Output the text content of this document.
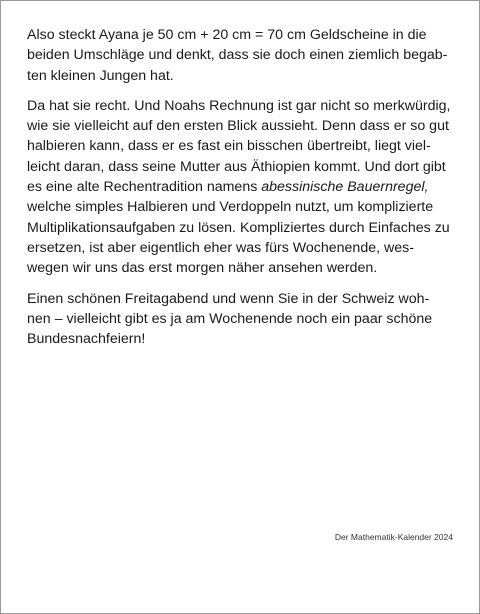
Also steckt Ayana je 50 cm + 20 cm = 70 cm Geldscheine in die
beiden Umschläge und denkt, dass sie doch einen ziemlich begab-
ten kleinen Jungen hat.

Da hat sie recht. Und Noahs Rechnung ist gar nicht so merkwürdig,
wie sie vielleicht auf den ersten Blick aussieht. Denn dass er so gut
halbieren kann, dass er es fast ein bisschen übertreibt, liegt viel-
leicht daran, dass seine Mutter aus Äthiopien kommt. Und dort gibt
es eine alte Rechentradition namens abessinische Bauernregel,
welche simples Halbieren und Verdoppeln nutzt, um komplizierte
Multiplikationsaufgaben zu lösen. Kompliziertes durch Einfaches zu
ersetzen, ist aber eigentlich eher was fürs Wochenende, wes-
wegen wir uns das erst morgen näher ansehen werden.

Einen schönen Freitagabend und wenn Sie in der Schweiz woh-
nen – vielleicht gibt es ja am Wochenende noch ein paar schöne
Bundesnachfeiern!

Der Mathematik-Kalender 2024
